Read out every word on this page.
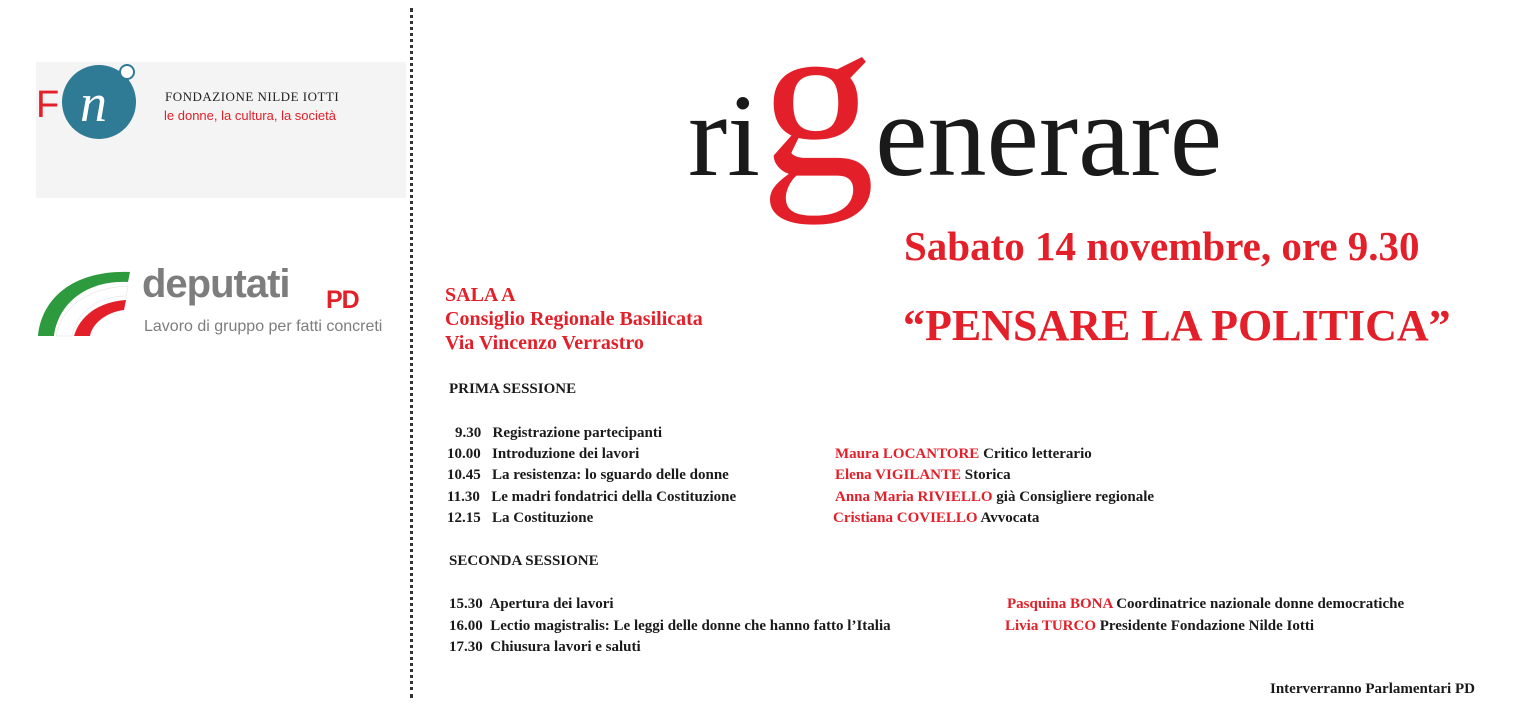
F n	FONDAZIONE NILDE IOTTI
le donne, la cultura, la società
deputati PD
Lavoro di gruppo per fatti concreti
rigenerare
Sabato 14 novembre, ore 9.30
“PENSARE LA POLITICA”
SALA A
Consiglio Regionale Basilicata
Via Vincenzo Verrastro
PRIMA SESSIONE
9.30 Registrazione partecipanti
10.00 Introduzione dei lavori	Maura LOCANTORE Critico letterario
10.45 La resistenza: lo sguardo delle donne	Elena VIGILANTE Storica
11.30 Le madri fondatrici della Costituzione	Anna Maria RIVIELLO già Consigliere regionale
12.15 La Costituzione	Cristiana COVIELLO Avvocata
SECONDA SESSIONE
15.30 Apertura dei lavori	Pasquina BONA Coordinatrice nazionale donne democratiche
16.00 Lectio magistralis: Le leggi delle donne che hanno fatto l’Italia	Livia TURCO Presidente Fondazione Nilde Iotti
17.30 Chiusura lavori e saluti
Interverranno Parlamentari PD
